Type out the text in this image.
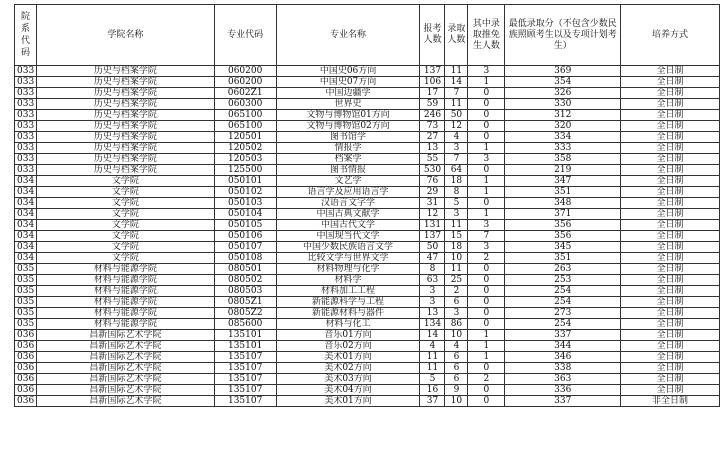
院系代码	学院名称	专业代码	专业名称	报考人数	录取人数	其中录取推免生人数	最低录取分（不包含少数民族照顾考生以及专项计划考生）	培养方式
033	历史与档案学院	060200	中国史06方向	137	11	3	369	全日制
033	历史与档案学院	060200	中国史07方向	106	14	1	354	全日制
033	历史与档案学院	0602Z1	中国边疆学	17	7	0	326	全日制
033	历史与档案学院	060300	世界史	59	11	0	330	全日制
033	历史与档案学院	065100	文物与博物馆01方向	246	50	0	312	全日制
033	历史与档案学院	065100	文物与博物馆02方向	73	12	0	320	全日制
033	历史与档案学院	120501	图书馆学	27	4	0	334	全日制
033	历史与档案学院	120502	情报学	13	3	1	333	全日制
033	历史与档案学院	120503	档案学	55	7	3	358	全日制
033	历史与档案学院	125500	图书情报	530	64	0	219	全日制
034	文学院	050101	文艺学	76	18	1	347	全日制
034	文学院	050102	语言学及应用语言学	29	8	1	351	全日制
034	文学院	050103	汉语言文字学	31	5	0	348	全日制
034	文学院	050104	中国古典文献学	12	3	1	371	全日制
034	文学院	050105	中国古代文学	131	11	3	356	全日制
034	文学院	050106	中国现当代文学	137	15	7	356	全日制
034	文学院	050107	中国少数民族语言文学	50	18	3	345	全日制
034	文学院	050108	比较文学与世界文学	47	10	2	351	全日制
035	材料与能源学院	080501	材料物理与化学	8	11	0	263	全日制
035	材料与能源学院	080502	材料学	63	25	0	253	全日制
035	材料与能源学院	080503	材料加工工程	3	2	0	254	全日制
035	材料与能源学院	0805Z1	新能源科学与工程	3	6	0	254	全日制
035	材料与能源学院	0805Z2	新能源材料与器件	13	3	0	273	全日制
035	材料与能源学院	085600	材料与化工	134	86	0	254	全日制
036	昌新国际艺术学院	135101	音乐01方向	14	10	1	337	全日制
036	昌新国际艺术学院	135101	音乐02方向	4	4	1	344	全日制
036	昌新国际艺术学院	135107	美术01方向	11	6	1	346	全日制
036	昌新国际艺术学院	135107	美术02方向	11	6	0	338	全日制
036	昌新国际艺术学院	135107	美术03方向	5	6	2	363	全日制
036	昌新国际艺术学院	135107	美术04方向	16	9	0	336	全日制
036	昌新国际艺术学院	135107	美术01方向	37	10	0	337	非全日制
